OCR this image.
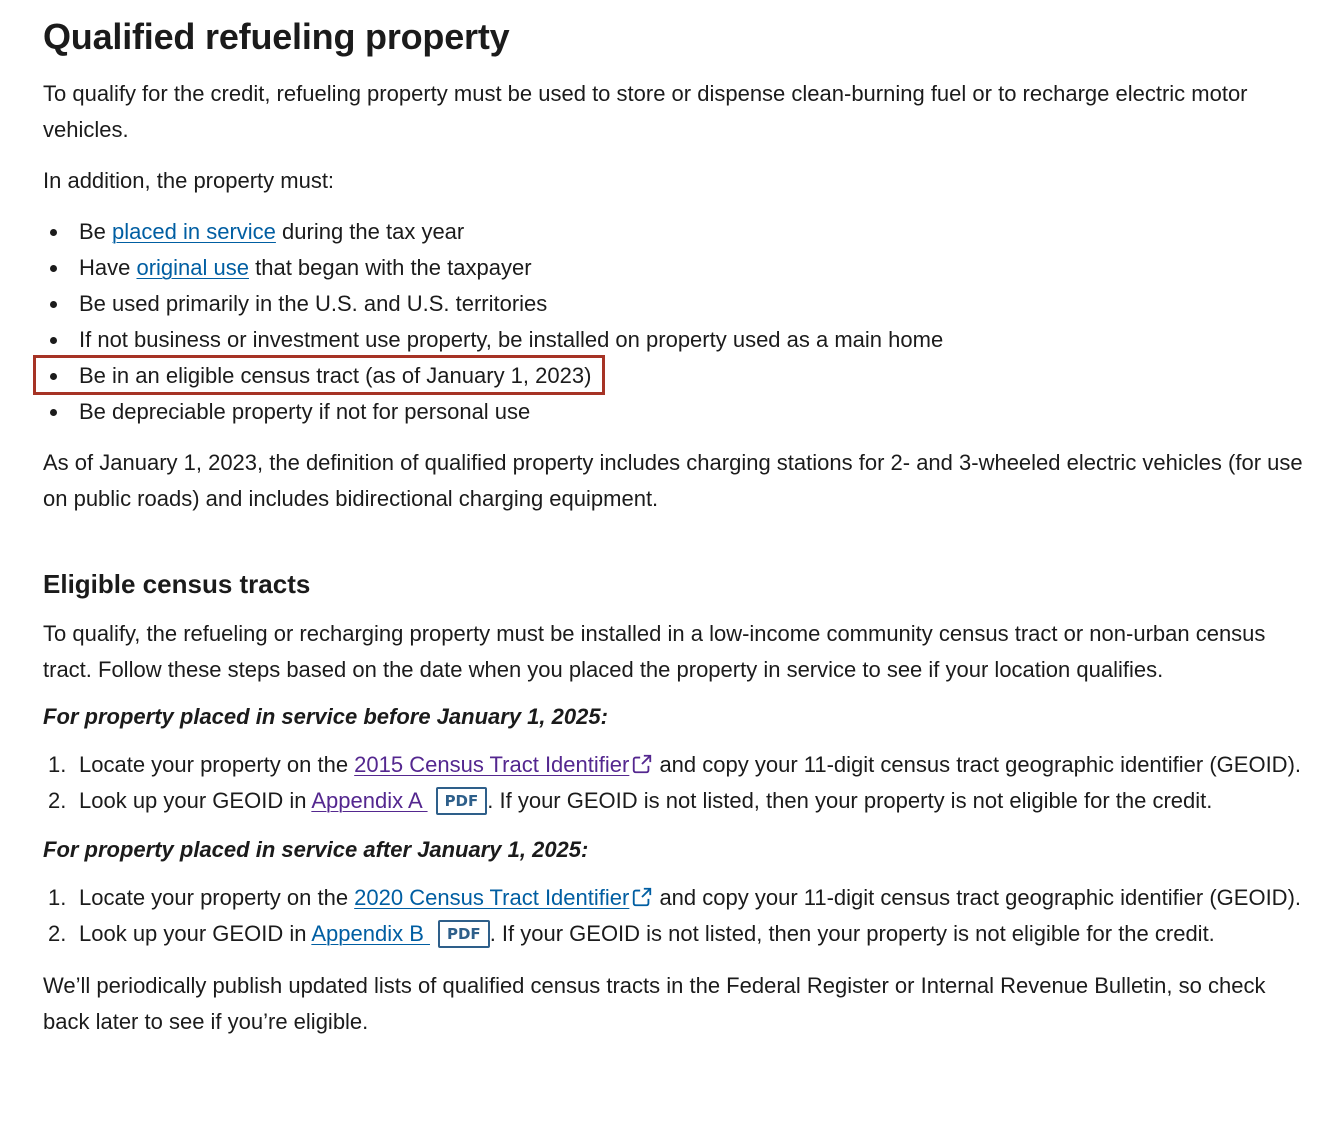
Qualified refueling property

To qualify for the credit, refueling property must be used to store or dispense clean-burning fuel or to recharge electric motor vehicles.

In addition, the property must:

Be placed in service during the tax year
Have original use that began with the taxpayer
Be used primarily in the U.S. and U.S. territories
If not business or investment use property, be installed on property used as a main home
Be in an eligible census tract (as of January 1, 2023)
Be depreciable property if not for personal use

As of January 1, 2023, the definition of qualified property includes charging stations for 2- and 3-wheeled electric vehicles (for use on public roads) and includes bidirectional charging equipment.

Eligible census tracts

To qualify, the refueling or recharging property must be installed in a low-income community census tract or non-urban census tract. Follow these steps based on the date when you placed the property in service to see if your location qualifies.

For property placed in service before January 1, 2025:
1. Locate your property on the 2015 Census Tract Identifier and copy your 11-digit census tract geographic identifier (GEOID).
2. Look up your GEOID in Appendix A PDF . If your GEOID is not listed, then your property is not eligible for the credit.
For property placed in service after January 1, 2025:
1. Locate your property on the 2020 Census Tract Identifier and copy your 11-digit census tract geographic identifier (GEOID).
2. Look up your GEOID in Appendix B PDF . If your GEOID is not listed, then your property is not eligible for the credit.

We’ll periodically publish updated lists of qualified census tracts in the Federal Register or Internal Revenue Bulletin, so check back later to see if you’re eligible.
